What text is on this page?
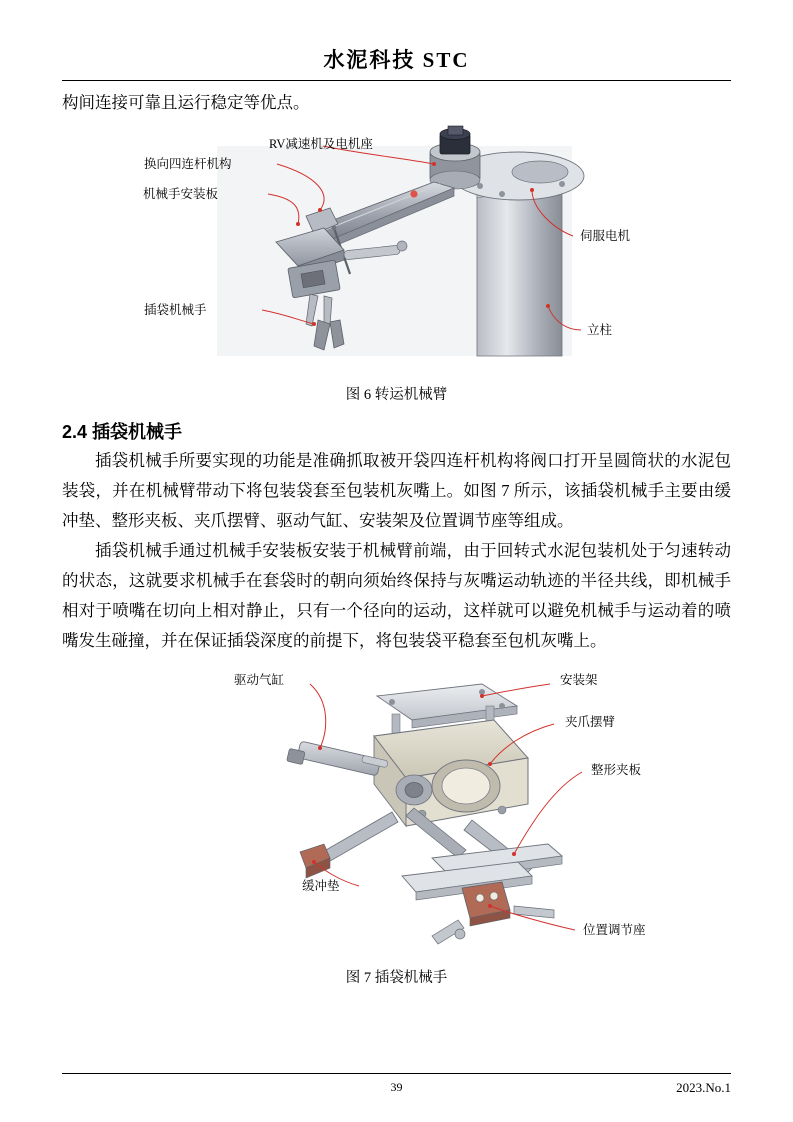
水泥科技 STC

构间连接可靠且运行稳定等优点。

RV减速机及电机座
换向四连杆机构
机械手安装板
插袋机械手
伺服电机
立柱

图 6 转运机械臂

2.4 插袋机械手

插袋机械手所要实现的功能是准确抓取被开袋四连杆机构将阀口打开呈圆筒状的水泥包装袋，并在机械臂带动下将包装袋套至包装机灰嘴上。如图 7 所示，该插袋机械手主要由缓冲垫、整形夹板、夹爪摆臂、驱动气缸、安装架及位置调节座等组成。

插袋机械手通过机械手安装板安装于机械臂前端，由于回转式水泥包装机处于匀速转动的状态，这就要求机械手在套袋时的朝向须始终保持与灰嘴运动轨迹的半径共线，即机械手相对于喷嘴在切向上相对静止，只有一个径向的运动，这样就可以避免机械手与运动着的喷嘴发生碰撞，并在保证插袋深度的前提下，将包装袋平稳套至包机灰嘴上。

驱动气缸	安装架
夹爪摆臂
整形夹板
缓冲垫
位置调节座

图 7 插袋机械手

39	2023.No.1
